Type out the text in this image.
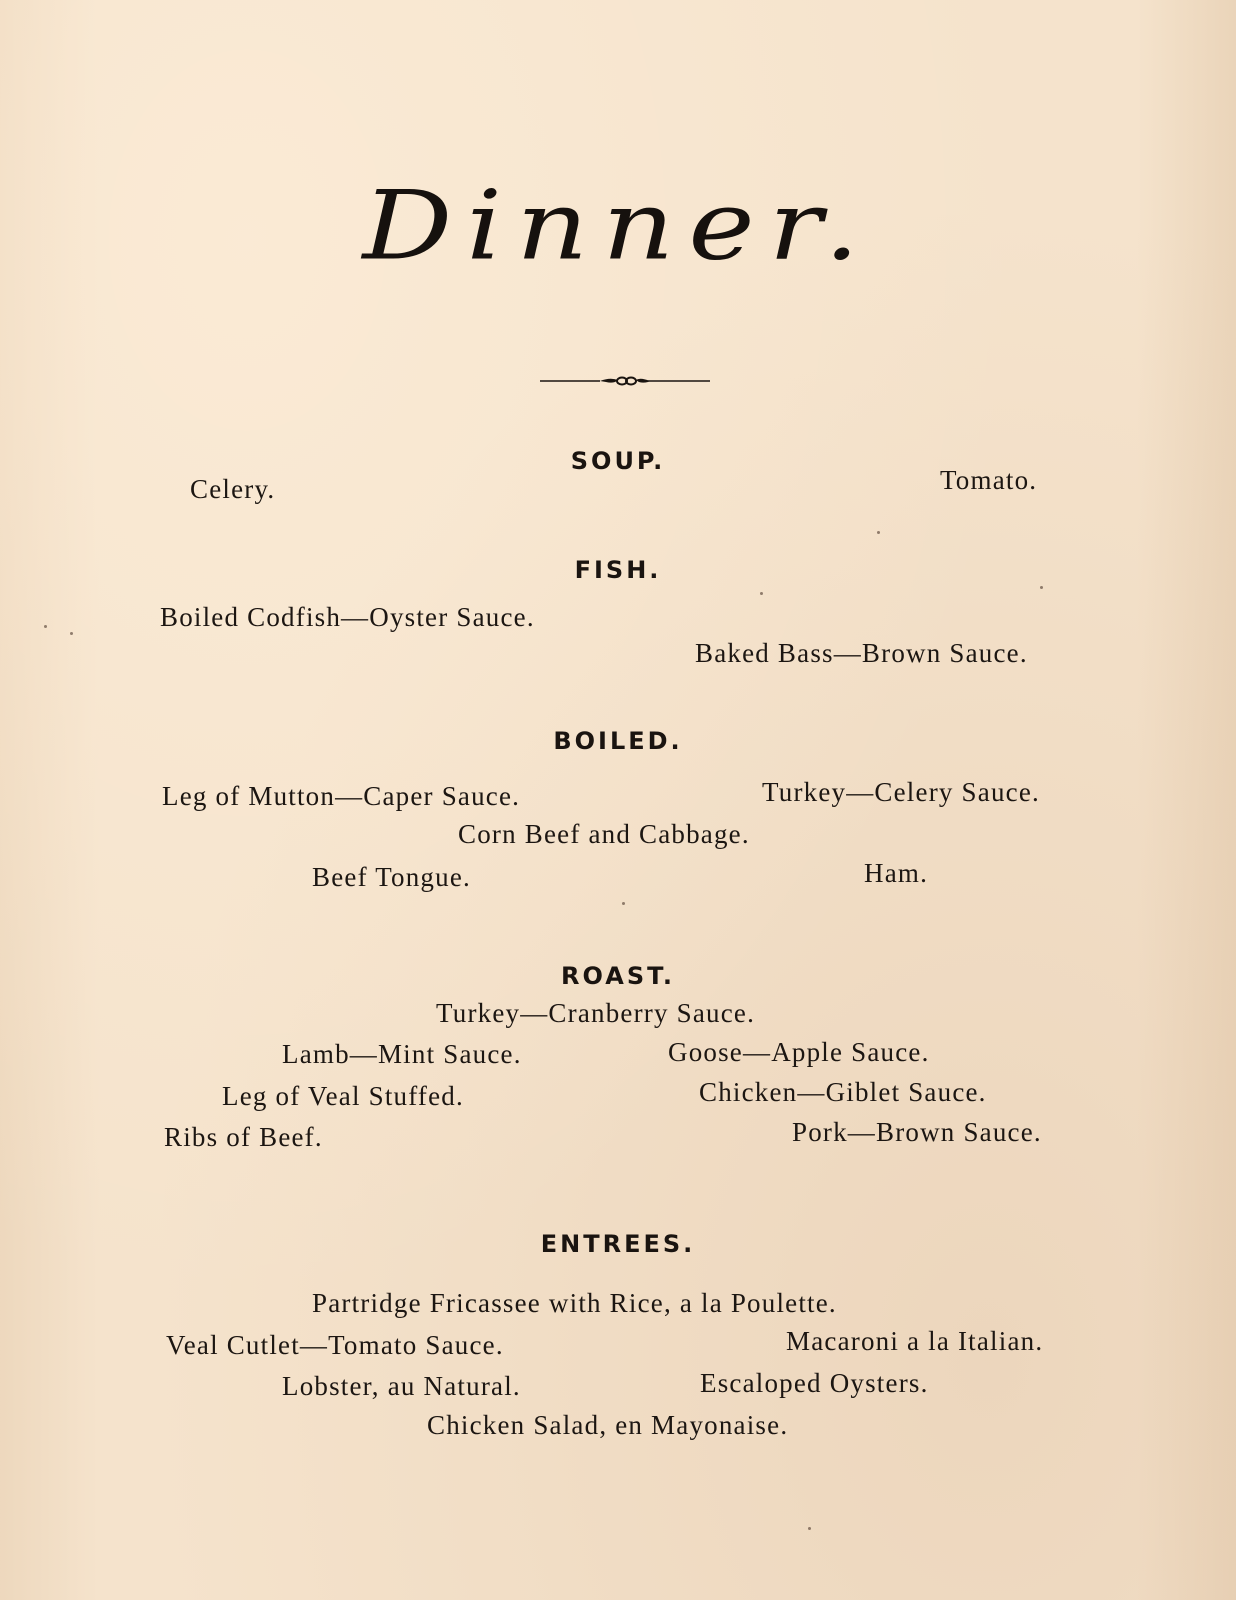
Dinner.
SOUP.
Celery.	Tomato.
FISH.
Boiled Codfish—Oyster Sauce.
Baked Bass—Brown Sauce.
BOILED.
Leg of Mutton—Caper Sauce.	Turkey—Celery Sauce.
Corn Beef and Cabbage.
Beef Tongue.	Ham.
ROAST.
Turkey—Cranberry Sauce.
Lamb—Mint Sauce.	Goose—Apple Sauce.
Leg of Veal Stuffed.	Chicken—Giblet Sauce.
Ribs of Beef.	Pork—Brown Sauce.
ENTREES.
Partridge Fricassee with Rice, a la Poulette.
Veal Cutlet—Tomato Sauce.	Macaroni a la Italian.
Lobster, au Natural.	Escaloped Oysters.
Chicken Salad, en Mayonaise.
